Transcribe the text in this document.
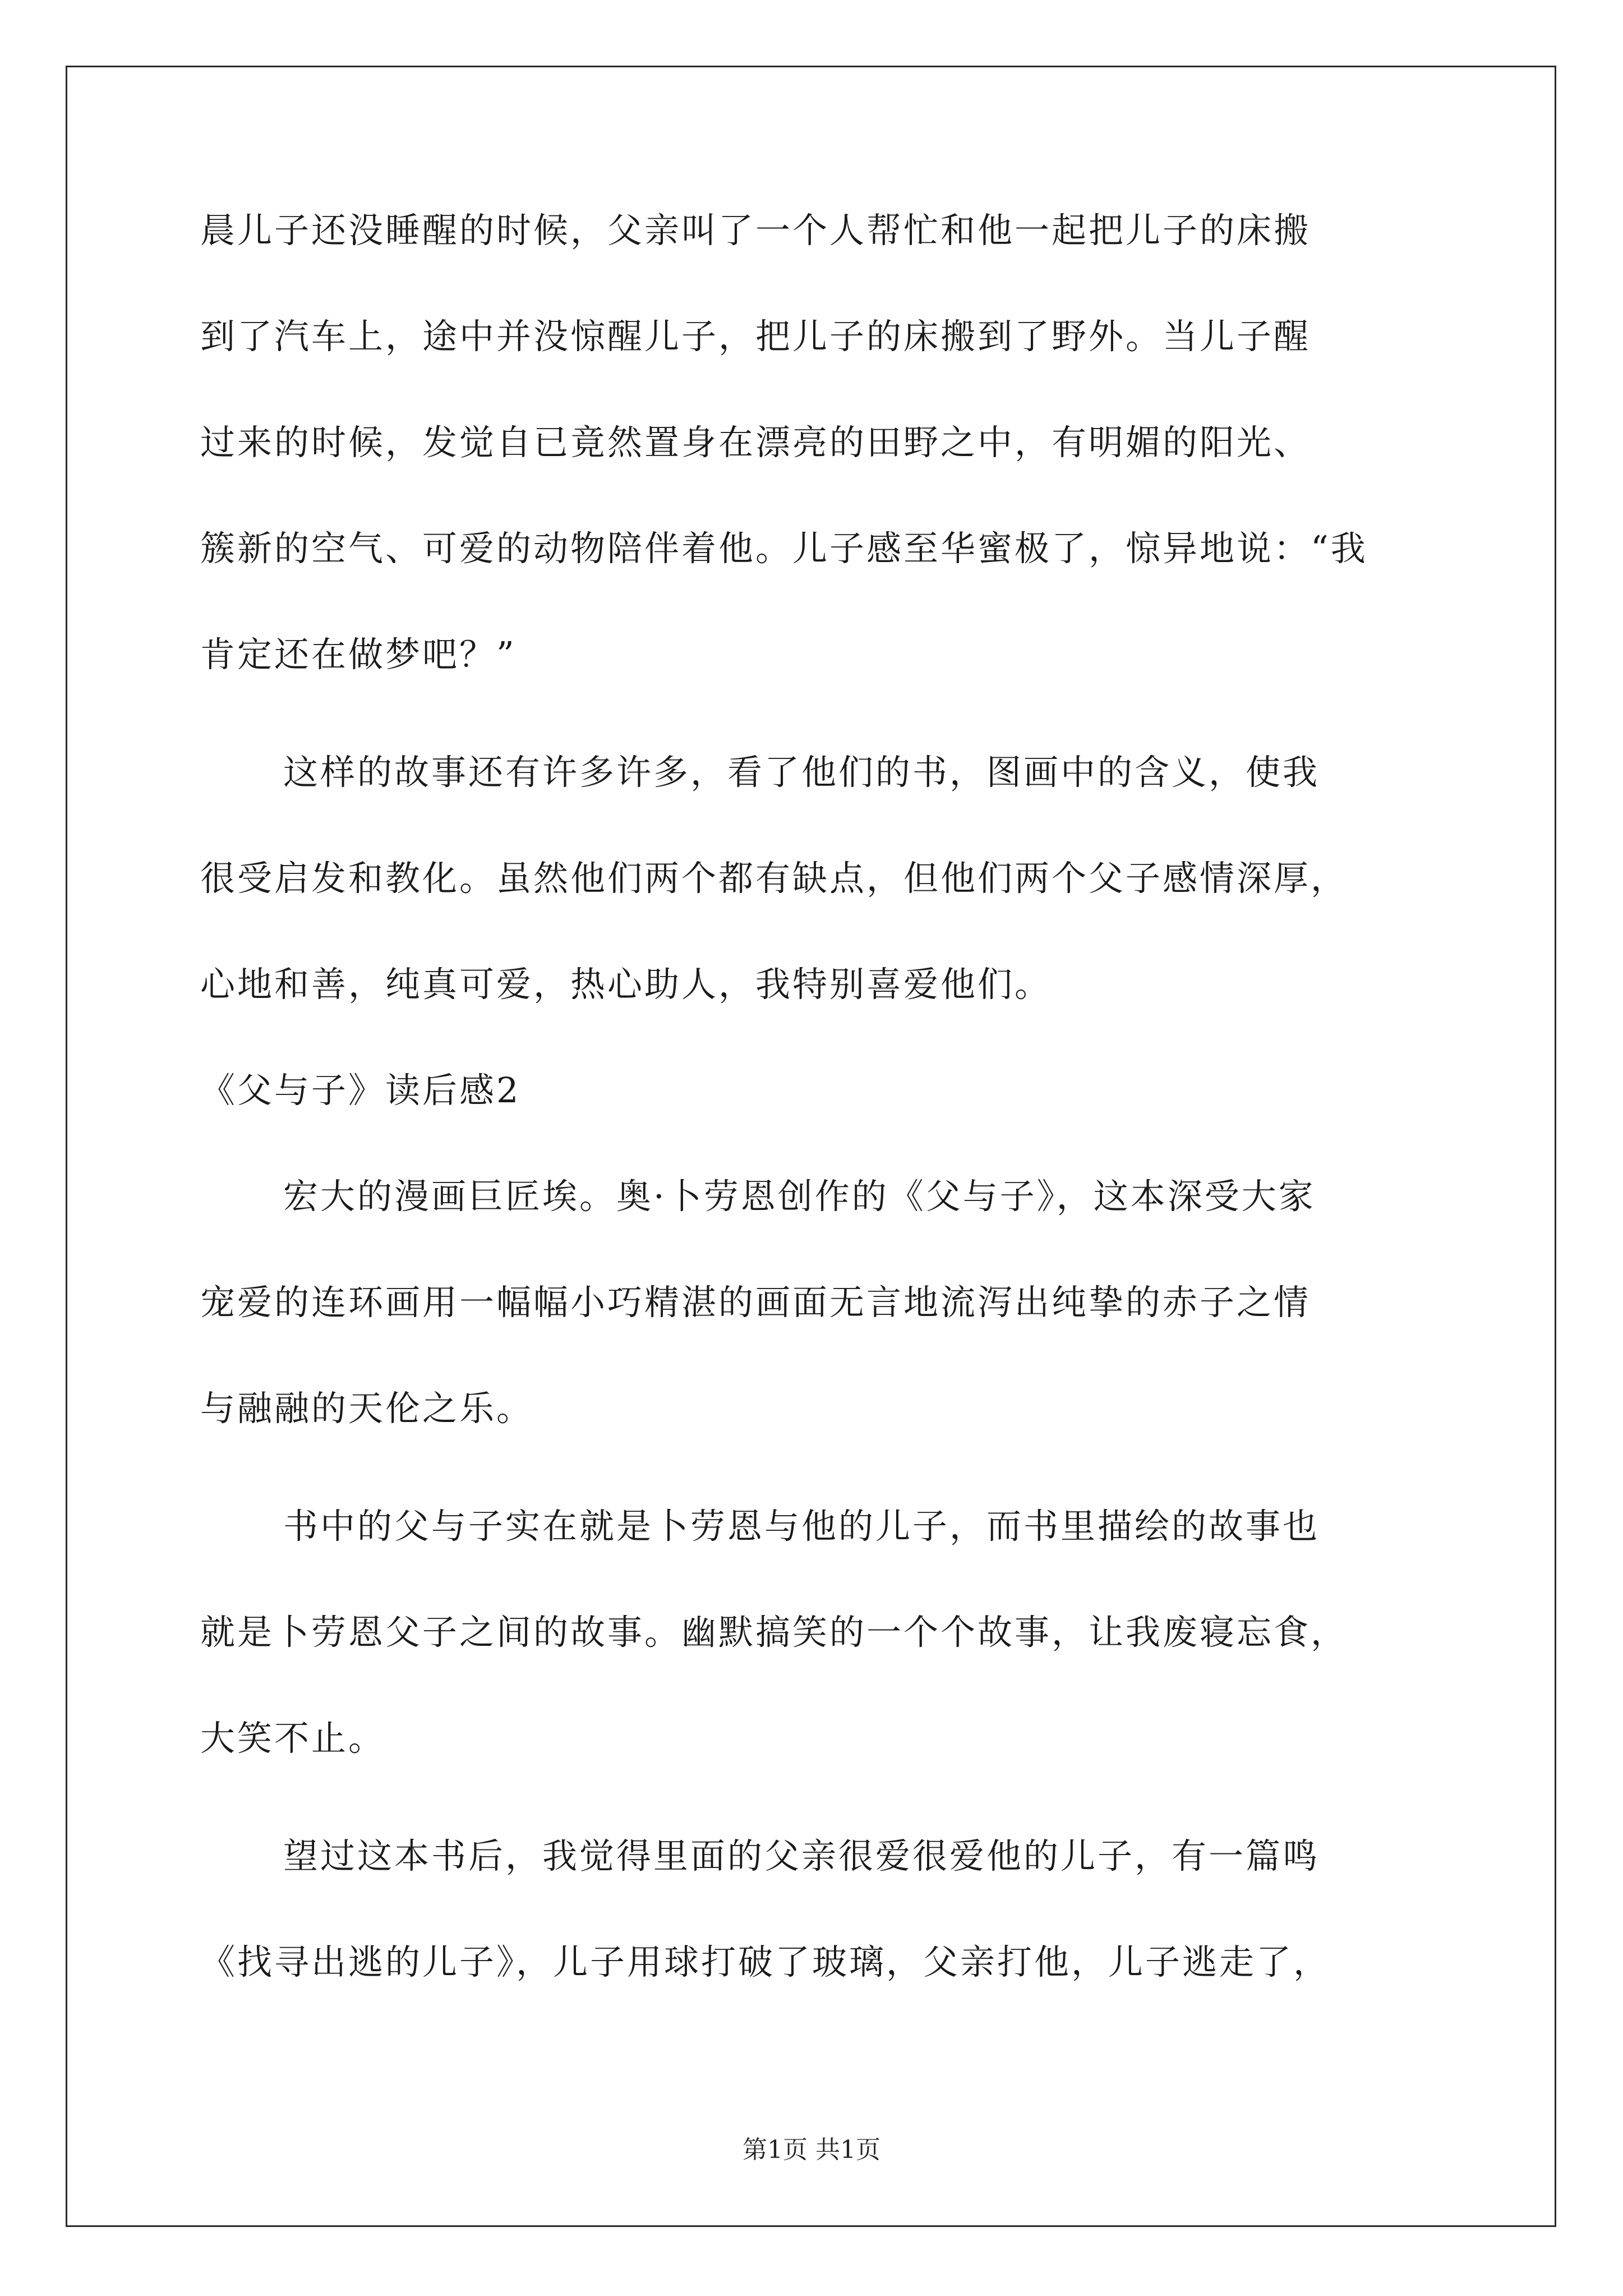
晨儿子还没睡醒的时候，父亲叫了一个人帮忙和他一起把儿子的床搬
到了汽车上，途中并没惊醒儿子，把儿子的床搬到了野外。当儿子醒
过来的时候，发觉自已竟然置身在漂亮的田野之中，有明媚的阳光、
簇新的空气、可爱的动物陪伴着他。儿子感至华蜜极了，惊异地说：“我
肯定还在做梦吧？”
这样的故事还有许多许多，看了他们的书，图画中的含义，使我
很受启发和教化。虽然他们两个都有缺点，但他们两个父子感情深厚，
心地和善，纯真可爱，热心助人，我特别喜爱他们。
《父与子》读后感2
宏大的漫画巨匠埃。奥·卜劳恩创作的《父与子》，这本深受大家
宠爱的连环画用一幅幅小巧精湛的画面无言地流泻出纯挚的赤子之情
与融融的天伦之乐。
书中的父与子实在就是卜劳恩与他的儿子，而书里描绘的故事也
就是卜劳恩父子之间的故事。幽默搞笑的一个个故事，让我废寝忘食，
大笑不止。
望过这本书后，我觉得里面的父亲很爱很爱他的儿子，有一篇鸣
《找寻出逃的儿子》，儿子用球打破了玻璃，父亲打他，儿子逃走了，
第1页 共1页
